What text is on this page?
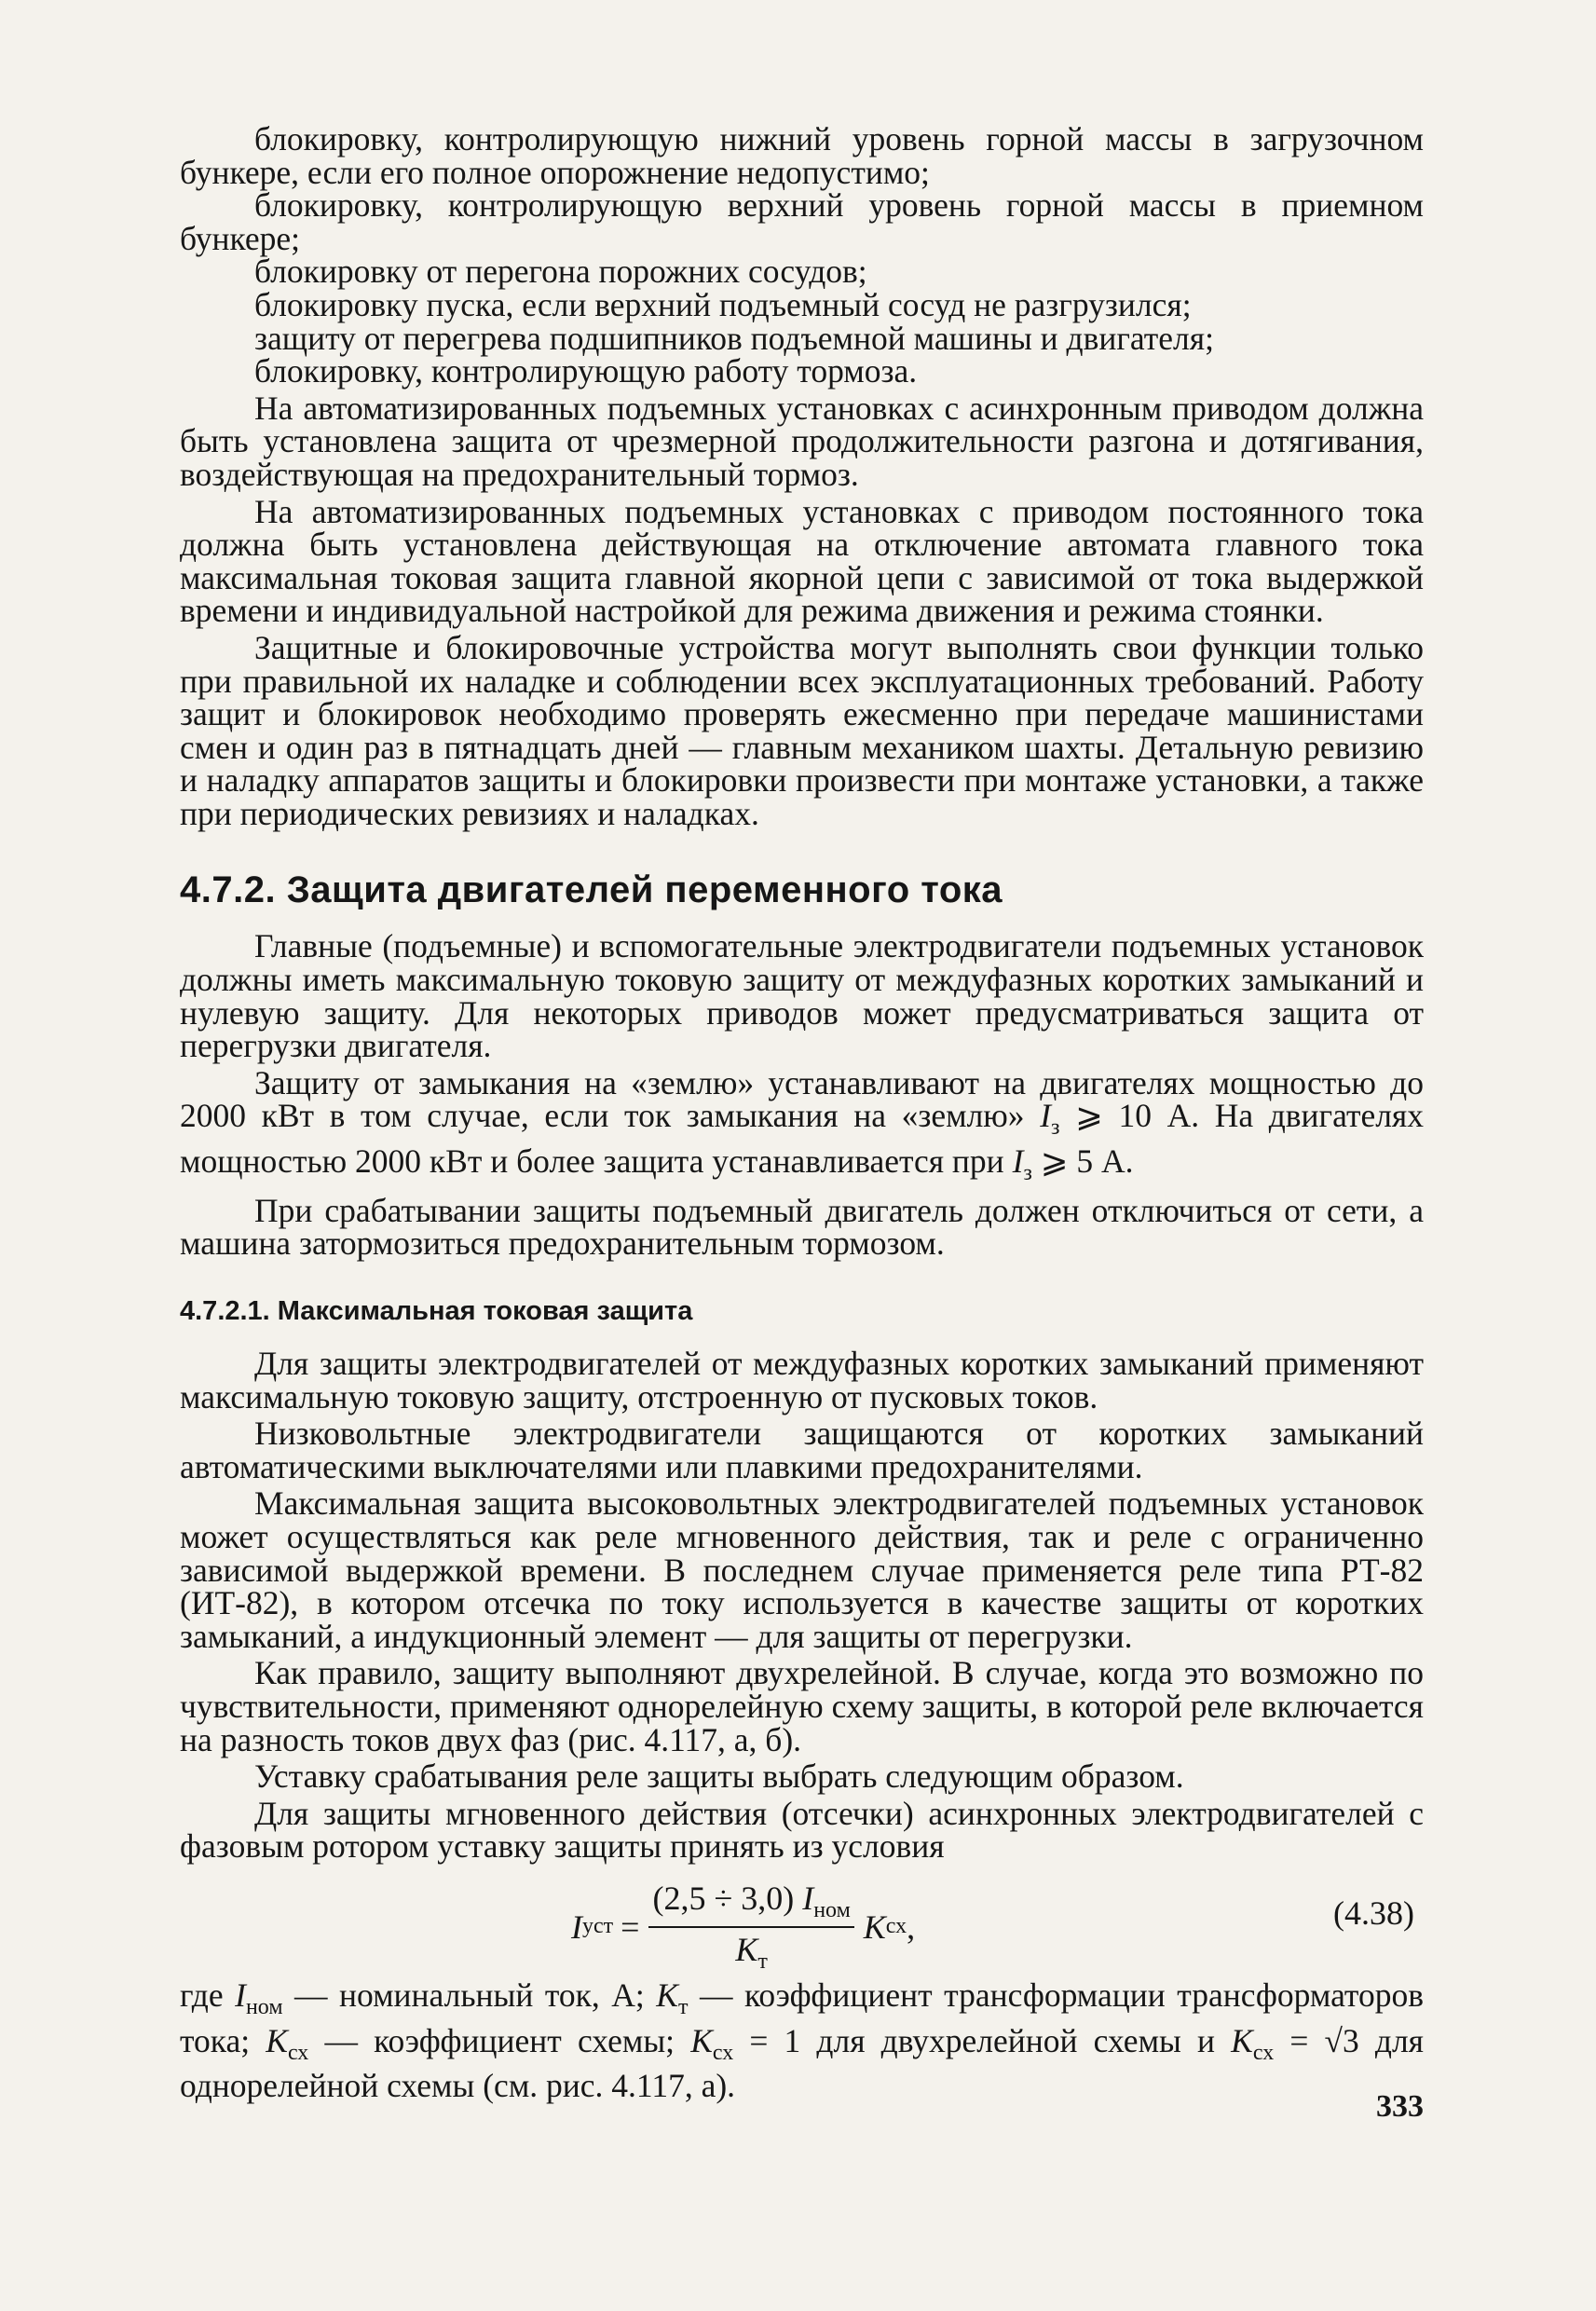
блокировку, контролирующую нижний уровень горной массы в загрузочном бункере, если его полное опорожнение недопустимо;

блокировку, контролирующую верхний уровень горной массы в приемном бункере;

блокировку от перегона порожних сосудов;

блокировку пуска, если верхний подъемный сосуд не разгрузился;

защиту от перегрева подшипников подъемной машины и двигателя;

блокировку, контролирующую работу тормоза.

На автоматизированных подъемных установках с асинхронным приводом должна быть установлена защита от чрезмерной продолжительности разгона и дотягивания, воздействующая на предохранительный тормоз.

На автоматизированных подъемных установках с приводом постоянного тока должна быть установлена действующая на отключение автомата главного тока максимальная токовая защита главной якорной цепи с зависимой от тока выдержкой времени и индивидуальной настройкой для режима движения и режима стоянки.

Защитные и блокировочные устройства могут выполнять свои функции только при правильной их наладке и соблюдении всех эксплуатационных требований. Работу защит и блокировок необходимо проверять ежесменно при передаче машинистами смен и один раз в пятнадцать дней — главным механиком шахты. Детальную ревизию и наладку аппаратов защиты и блокировки произвести при монтаже установки, а также при периодических ревизиях и наладках.

4.7.2. Защита двигателей переменного тока

Главные (подъемные) и вспомогательные электродвигатели подъемных установок должны иметь максимальную токовую защиту от междуфазных коротких замыканий и нулевую защиту. Для некоторых приводов может предусматриваться защита от перегрузки двигателя.

Защиту от замыкания на «землю» устанавливают на двигателях мощностью до 2000 кВт в том случае, если ток замыкания на «землю» $I_з$ ⩾ 10 А. На двигателях мощностью 2000 кВт и более защита устанавливается при $I_з$ ⩾ 5 А.

При срабатывании защиты подъемный двигатель должен отключиться от сети, а машина затормозиться предохранительным тормозом.

4.7.2.1. Максимальная токовая защита

Для защиты электродвигателей от междуфазных коротких замыканий применяют максимальную токовую защиту, отстроенную от пусковых токов.

Низковольтные электродвигатели защищаются от коротких замыканий автоматическими выключателями или плавкими предохранителями.

Максимальная защита высоковольтных электродвигателей подъемных установок может осуществляться как реле мгновенного действия, так и реле с ограниченно зависимой выдержкой времени. В последнем случае применяется реле типа РТ-82 (ИТ-82), в котором отсечка по току используется в качестве защиты от коротких замыканий, а индукционный элемент — для защиты от перегрузки.

Как правило, защиту выполняют двухрелейной. В случае, когда это возможно по чувствительности, применяют однорелейную схему защиты, в которой реле включается на разность токов двух фаз (рис. 4.117, а, б).

Уставку срабатывания реле защиты выбрать следующим образом.

Для защиты мгновенного действия (отсечки) асинхронных электродвигателей с фазовым ротором уставку защиты принять из условия

I уст = $\frac{(2,5 \div 3,0) I_{ном}}{K_т}$ K сх ,	(4.38)

где $I_{ном}$ — номинальный ток, А; $K_т$ — коэффициент трансформации трансформаторов тока; $K_{сх}$ — коэффициент схемы; $K_{сх} = 1$ для двухрелейной схемы и $K_{сх} = √3$ для однорелейной схемы (см. рис. 4.117, а).

333
